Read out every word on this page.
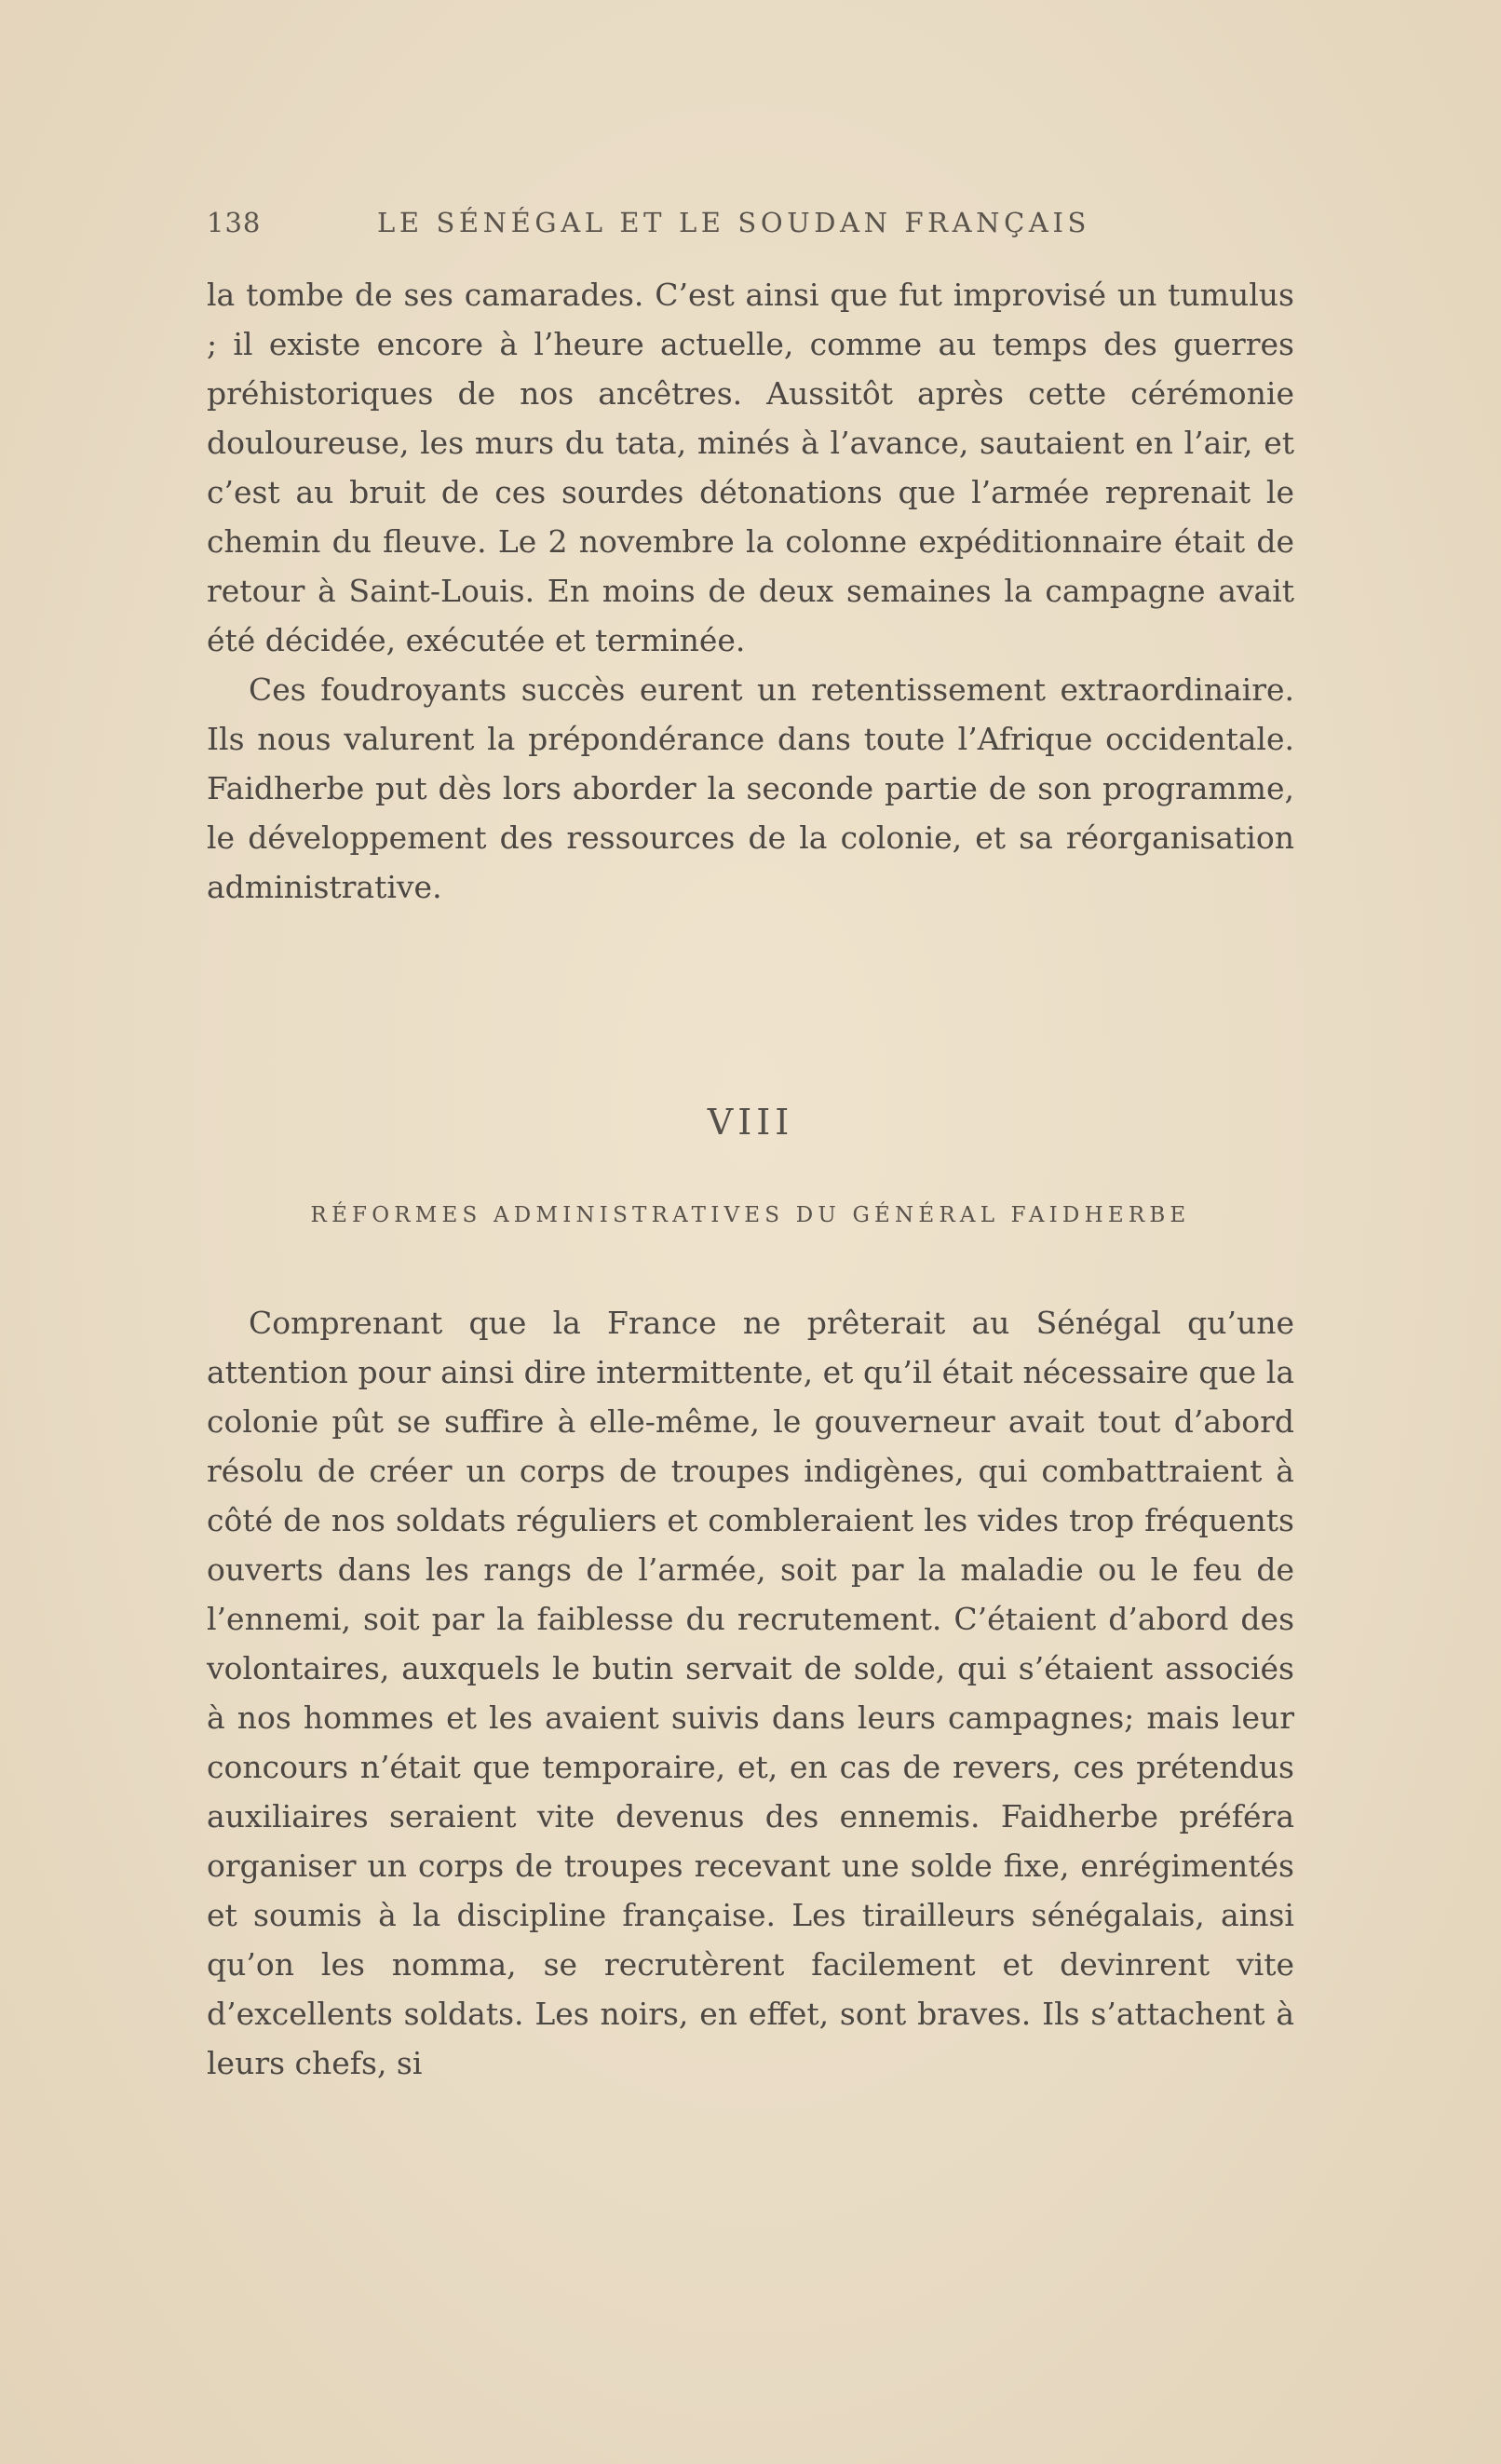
138	LE SÉNÉGAL ET LE SOUDAN FRANÇAIS

la tombe de ses camarades. C’est ainsi que fut improvisé un tumulus ; il existe encore à l’heure actuelle, comme au temps des guerres préhistoriques de nos ancêtres. Aussitôt après cette cérémonie douloureuse, les murs du tata, minés à l’avance, sautaient en l’air, et c’est au bruit de ces sourdes détonations que l’armée reprenait le chemin du fleuve. Le 2 novembre la colonne expéditionnaire était de retour à Saint-Louis. En moins de deux semaines la campagne avait été décidée, exécutée et terminée.

Ces foudroyants succès eurent un retentissement extraordinaire. Ils nous valurent la prépondérance dans toute l’Afrique occidentale. Faidherbe put dès lors aborder la seconde partie de son programme, le développement des ressources de la colonie, et sa réorganisation administrative.

VIII
RÉFORMES ADMINISTRATIVES DU GÉNÉRAL FAIDHERBE

Comprenant que la France ne prêterait au Sénégal qu’une attention pour ainsi dire intermittente, et qu’il était nécessaire que la colonie pût se suffire à elle-même, le gouverneur avait tout d’abord résolu de créer un corps de troupes indigènes, qui combattraient à côté de nos soldats réguliers et combleraient les vides trop fréquents ouverts dans les rangs de l’armée, soit par la maladie ou le feu de l’ennemi, soit par la faiblesse du recrutement. C’étaient d’abord des volontaires, auxquels le butin servait de solde, qui s’étaient associés à nos hommes et les avaient suivis dans leurs campagnes; mais leur concours n’était que temporaire, et, en cas de revers, ces prétendus auxiliaires seraient vite devenus des ennemis. Faidherbe préféra organiser un corps de troupes recevant une solde fixe, enrégimentés et soumis à la discipline française. Les tirailleurs sénégalais, ainsi qu’on les nomma, se recrutèrent facilement et devinrent vite d’excellents soldats. Les noirs, en effet, sont braves. Ils s’attachent à leurs chefs, si
